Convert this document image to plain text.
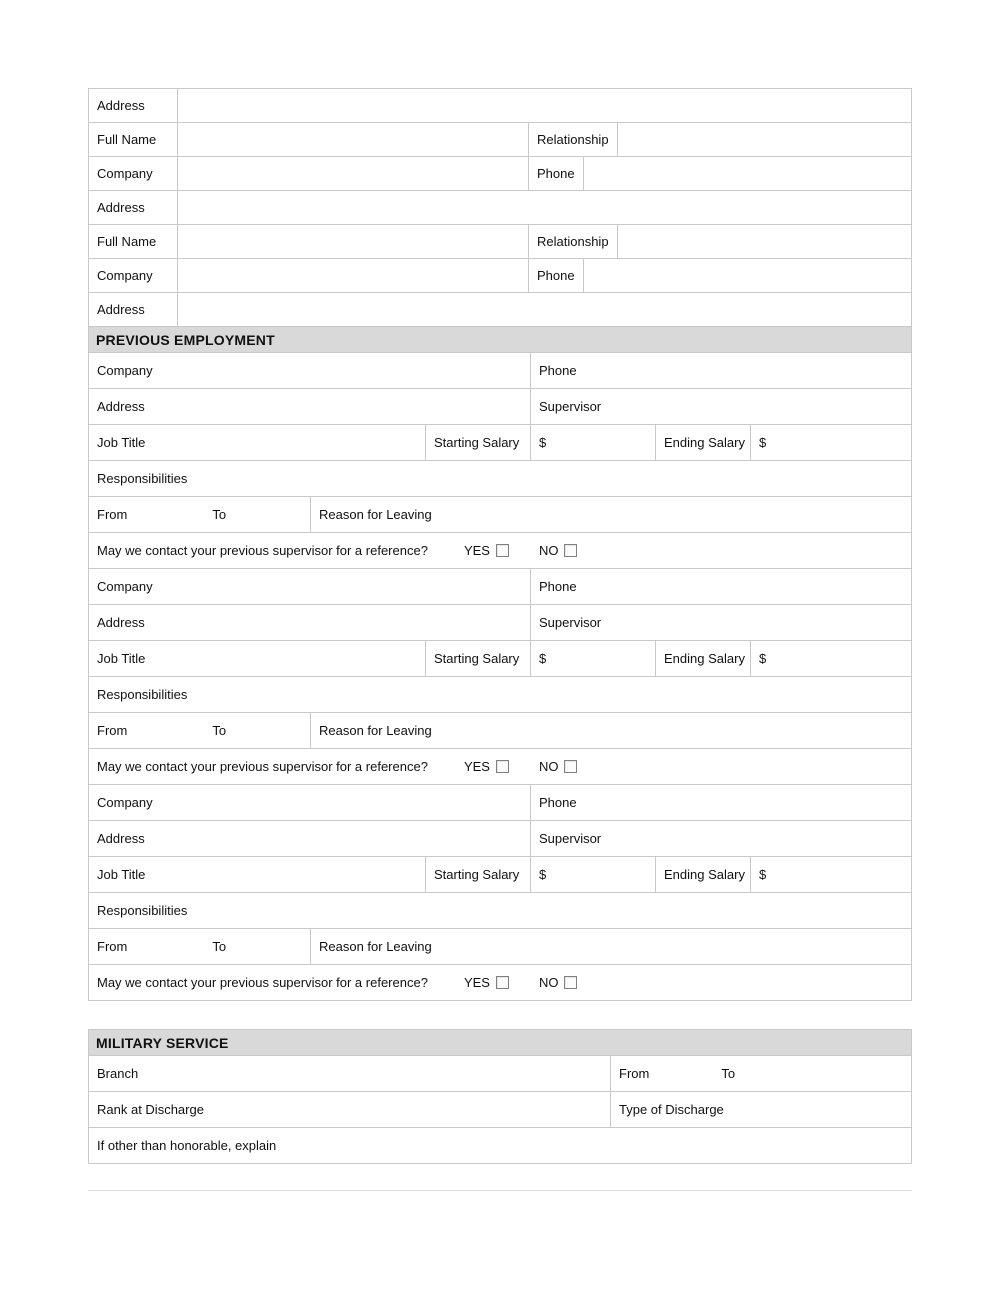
Address
Full Name	Relationship
Company	Phone
Address
Full Name	Relationship
Company	Phone
Address
PREVIOUS EMPLOYMENT
Company	Phone
Address	Supervisor
Job Title	Starting Salary $	Ending Salary $
Responsibilities
From	To	Reason for Leaving
May we contact your previous supervisor for a reference?	YES	NO
Company	Phone
Address	Supervisor
Job Title	Starting Salary $	Ending Salary $
Responsibilities
From	To	Reason for Leaving
May we contact your previous supervisor for a reference?	YES	NO
Company	Phone
Address	Supervisor
Job Title	Starting Salary $	Ending Salary $
Responsibilities
From	To	Reason for Leaving
May we contact your previous supervisor for a reference?	YES	NO
MILITARY SERVICE
Branch	From	To
Rank at Discharge	Type of Discharge
If other than honorable, explain
